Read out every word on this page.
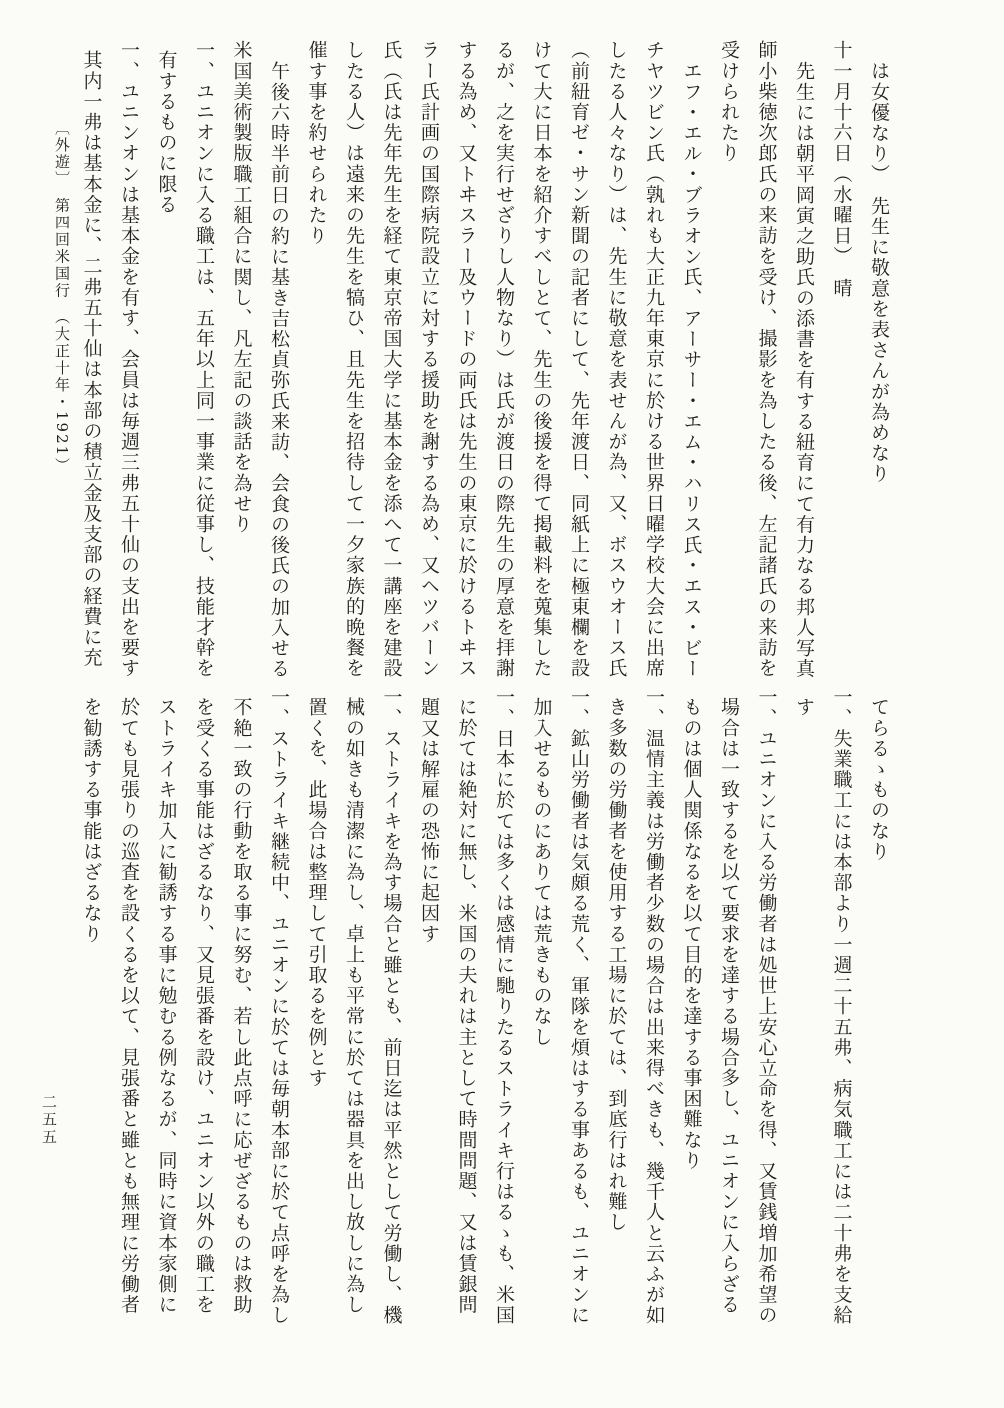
〔外遊〕　第四回米国行　（大正十年・1921）	は女優なり）　先生に敬意を表さんが為めなり
十一月十六日（水曜日）　晴
先生には朝平岡寅之助氏の添書を有する紐育にて有力なる邦人写真
師小柴徳次郎氏の来訪を受け、撮影を為したる後、左記諸氏の来訪を
受けられたり
エフ・エル・ブラオン氏、アーサー・エム・ハリス氏・エス・ビー
チヤツビン氏（孰れも大正九年東京に於ける世界日曜学校大会に出席
したる人々なり）は、先生に敬意を表せんが為、又、ボスウオース氏
（前紐育ゼ・サン新聞の記者にして、先年渡日、同紙上に極東欄を設
けて大に日本を紹介すべしとて、先生の後援を得て掲載料を蒐集した
るが、之を実行せざりし人物なり）は氏が渡日の際先生の厚意を拝謝
する為め、又トヰスラー及ウードの両氏は先生の東京に於けるトヰス
ラー氏計画の国際病院設立に対する援助を謝する為め、又ヘツバーン
氏（氏は先年先生を経て東京帝国大学に基本金を添へて一講座を建設
したる人）は遠来の先生を犒ひ、且先生を招待して一夕家族的晩餐を
催す事を約せられたり
午後六時半前日の約に基き吉松貞弥氏来訪、会食の後氏の加入せる
米国美術製版職工組合に関し、凡左記の談話を為せり
一、ユニオンに入る職工は、五年以上同一事業に従事し、技能才幹を
有するものに限る
一、ユニンオンは基本金を有す、会員は毎週三弗五十仙の支出を要す
其内一弗は基本金に、二弗五十仙は本部の積立金及支部の経費に充
てらるゝものなり
一、失業職工には本部より一週二十五弗、病気職工には二十弗を支給
す
一、ユニオンに入る労働者は処世上安心立命を得、又賃銭増加希望の
場合は一致するを以て要求を達する場合多し、ユニオンに入らざる
ものは個人関係なるを以て目的を達する事困難なり
一、温情主義は労働者少数の場合は出来得べきも、幾千人と云ふが如
き多数の労働者を使用する工場に於ては、到底行はれ難し
一、鉱山労働者は気頗る荒く、軍隊を煩はする事あるも、ユニオンに
加入せるものにありては荒きものなし
一、日本に於ては多くは感情に馳りたるストライキ行はるゝも、米国
に於ては絶対に無し、米国の夫れは主として時間問題、又は賃銀問
題又は解雇の恐怖に起因す
一、ストライキを為す場合と雖とも、前日迄は平然として労働し、機
械の如きも清潔に為し、卓上も平常に於ては器具を出し放しに為し
置くを、此場合は整理して引取るを例とす
一、ストライキ継続中、ユニオンに於ては毎朝本部に於て点呼を為し
不絶一致の行動を取る事に努む、若し此点呼に応ぜざるものは救助
を受くる事能はざるなり、又見張番を設け、ユニオン以外の職工を
ストライキ加入に勧誘する事に勉むる例なるが、同時に資本家側に
於ても見張りの巡査を設くるを以て、見張番と雖とも無理に労働者
を勧誘する事能はざるなり
二五五
